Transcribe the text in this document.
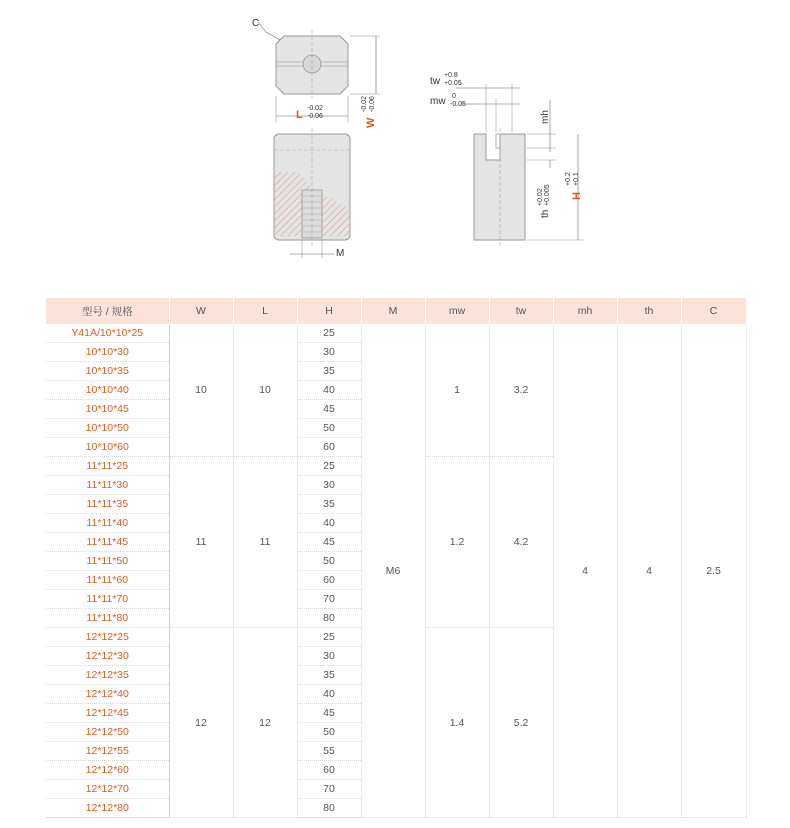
C
L
-0.02
-0.06
W
-0.02 -0.06
M
tw
+0.8
+0.05
mw 0
-0.05
mh
th
+0.02 +0.005 H
+0.2 +0.1
型号 / 规格	W	L	H	M	mw	tw	mh	th	C
Y41A/10*10*25	10	10	25	M6	1	3.2	4	4	2.5
10*10*30			30						
10*10*35			35						
10*10*40			40						
10*10*45			45						
10*10*50			50						
10*10*60			60						
11*11*25	11	11	25		1.2	4.2			
11*11*30			30						
11*11*35			35						
11*11*40			40						
11*11*45			45						
11*11*50			50						
11*11*60			60						
11*11*70			70						
11*11*80			80						
12*12*25	12	12	25		1.4	5.2			
12*12*30			30						
12*12*35			35						
12*12*40			40						
12*12*45			45						
12*12*50			50						
12*12*55			55						
12*12*60			60						
12*12*70			70						
12*12*80			80						
